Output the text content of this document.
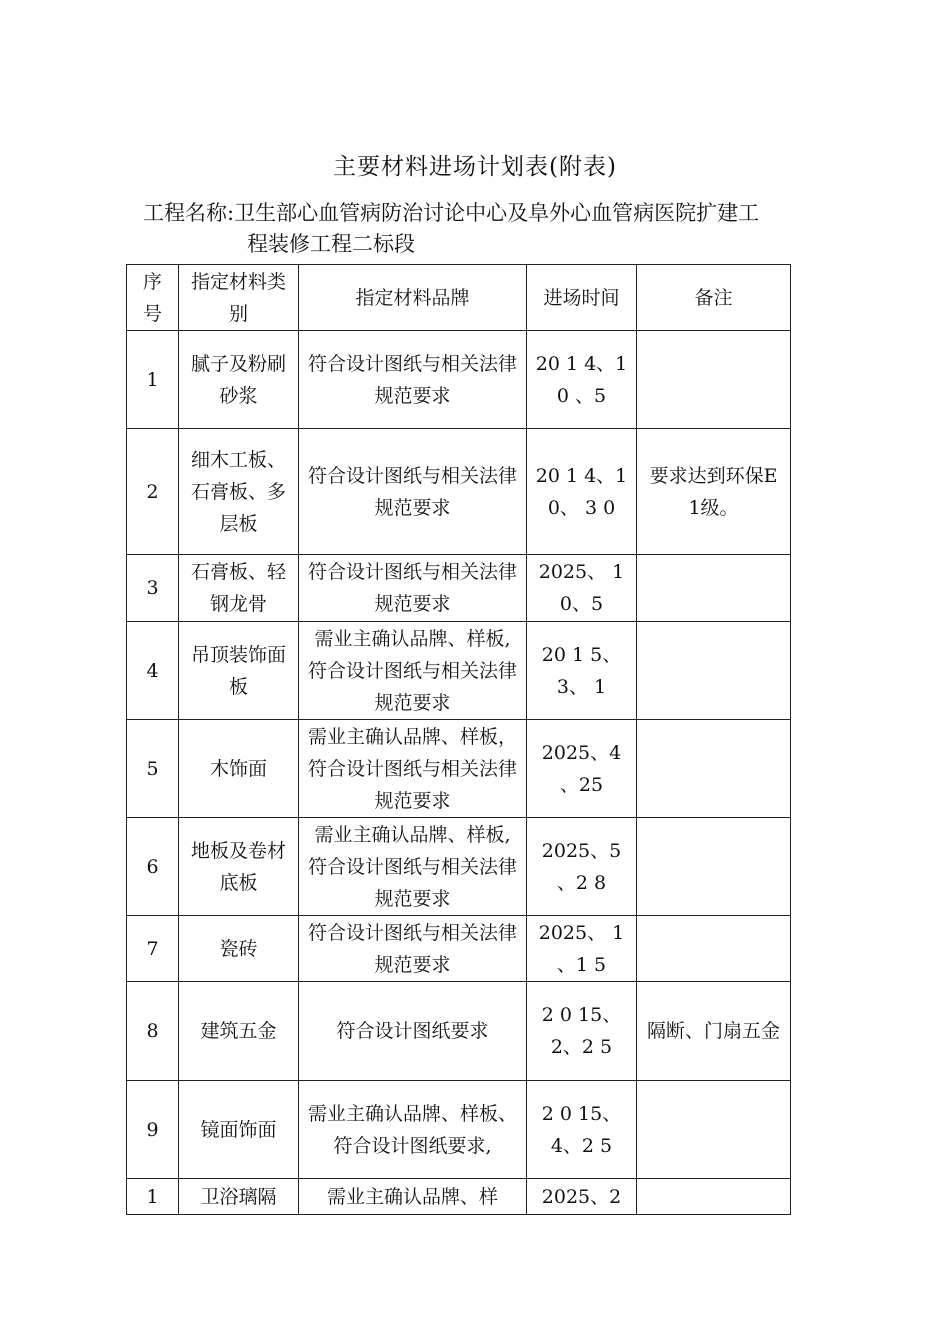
主要材料进场计划表(附表)
工程名称:卫生部心血管病防治讨论中心及阜外心血管病医院扩建工
程装修工程二标段
序号	指定材料类别	指定材料品牌	进场时间	备注
1	腻子及粉刷砂浆	符合设计图纸与相关法律规范要求	20 1 4、1 0 、5	
2	细木工板、石膏板、多层板	符合设计图纸与相关法律规范要求	20 1 4、10、 3 0	要求达到环保E1级。
3	石膏板、轻钢龙骨	符合设计图纸与相关法律规范要求	2025、 1 0、5	
4	吊顶装饰面板	需业主确认品牌、样板,符合设计图纸与相关法律规范要求	20 1 5、3、 1	
5	木饰面	需业主确认品牌、样板，符合设计图纸与相关法律规范要求	2025、4 、25	
6	地板及卷材底板	需业主确认品牌、样板,符合设计图纸与相关法律规范要求	2025、5 、2 8	
7	瓷砖	符合设计图纸与相关法律规范要求	2025、 1 、1 5	
8	建筑五金	符合设计图纸要求	2 0 15、2、2 5	隔断、门扇五金
9	镜面饰面	需业主确认品牌、样板、符合设计图纸要求,	2 0 15、4、2 5	
1	卫浴璃隔	需业主确认品牌、样	2025、2	
